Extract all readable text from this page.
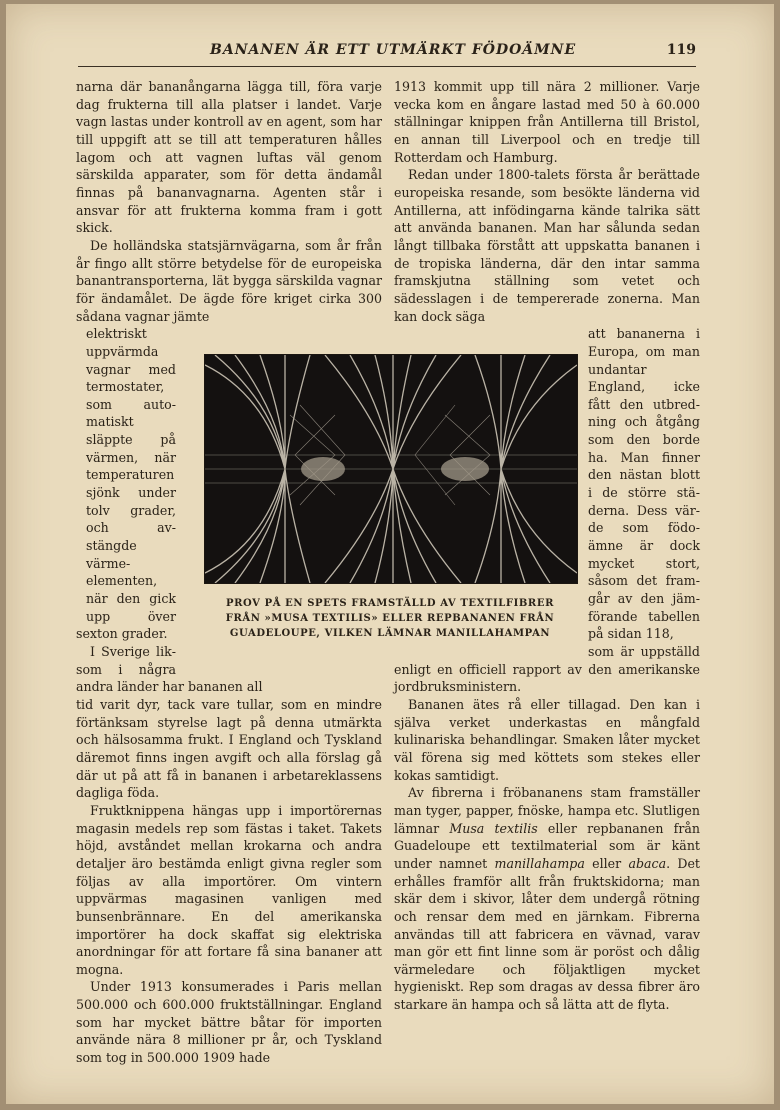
BANANEN ÄR ETT UTMÄRKT FÖDOÄMNE	119

narna där bananångarna lägga till, föra varje dag frukterna till alla platser i landet. Varje vagn lastas under kontroll av en agent, som har till uppgift att se till att temperaturen hålles lagom och att vagnen luftas väl genom särskilda apparater, som för detta ändamål finnas på bananvagnarna. Agenten står i ansvar för att frukterna komma fram i gott skick.

De holländska statsjärnvägarna, som år från år fingo allt större betydelse för de europeiska banantransporterna, lät bygga särskilda vagnar för ändamålet. De ägde före kriget cirka 300 sådana vagnar jämte

elektriskt uppvärmda vagnar med termostater, som automatiskt släppte på värmen, när temperaturen sjönk under tolv grader, och avstängde värmeelementen, när den gick upp över sexton grader.

I Sverige liksom i några andra länder har bananen all

tid varit dyr, tack vare tullar, som en mindre förtänksam styrelse lagt på denna utmärkta och hälsosamma frukt. I England och Tyskland däremot finns ingen avgift och alla förslag gå där ut på att få in bananen i arbetareklassens dagliga föda.

Fruktknippena hängas upp i importörernas magasin medels rep som fästas i taket. Takets höjd, avståndet mellan krokarna och andra detaljer äro bestämda enligt givna regler som följas av alla importörer. Om vintern uppvärmas magasinen vanligen med bunsenbrännare. En del amerikanska importörer ha dock skaffat sig elektriska anordningar för att fortare få sina bananer att mogna.

Under 1913 konsumerades i Paris mellan 500.000 och 600.000 fruktställningar. England som har mycket bättre båtar för importen använde nära 8 millioner pr år, och Tyskland som tog in 500.000 1909 hade

1913 kommit upp till nära 2 millioner. Varje vecka kom en ångare lastad med 50 à 60.000 ställningar knippen från Antillerna till Bristol, en annan till Liverpool och en tredje till Rotterdam och Hamburg.

Redan under 1800-talets första år berättade europeiska resande, som besökte länderna vid Antillerna, att infödingarna kände talrika sätt att använda bananen. Man har sålunda sedan långt tillbaka förstått att uppskatta bananen i de tropiska länderna, där den intar samma framskjutna ställning som vetet och sädesslagen i de tempererade zonerna. Man kan dock säga

att bananerna i Europa, om man undantar England, icke fått den utbredning och åtgång som den borde ha. Man finner den nästan blott i de större städerna. Dess värde som födoämne är dock mycket stort, såsom det framgår av den jämförande tabellen på sidan 118,

som är uppställd enligt en officiell rapport av den amerikanske jordbruksministern.

Bananen ätes rå eller tillagad. Den kan i själva verket underkastas en mångfald kulinariska behandlingar. Smaken låter mycket väl förena sig med köttets som stekes eller kokas samtidigt.

Av fibrerna i fröbananens stam framställer man tyger, papper, fnöske, hampa etc. Slutligen lämnar Musa textilis eller repbananen från Guadeloupe ett textilmaterial som är känt under namnet manillahampa eller abaca. Det erhålles framför allt från fruktskidorna; man skär dem i skivor, låter dem undergå rötning och rensar dem med en järnkam. Fibrerna användas till att fabricera en vävnad, varav man gör ett fint linne som är poröst och dålig värmeledare och följaktligen mycket hygieniskt. Rep som dragas av dessa fibrer äro starkare än hampa och så lätta att de flyta.

PROV PÅ EN SPETS FRAMSTÄLLD AV TEXTILFIBRER
FRÅN »MUSA TEXTILIS» ELLER REPBANANEN FRÅN
GUADELOUPE, VILKEN LÄMNAR MANILLAHAMPAN
